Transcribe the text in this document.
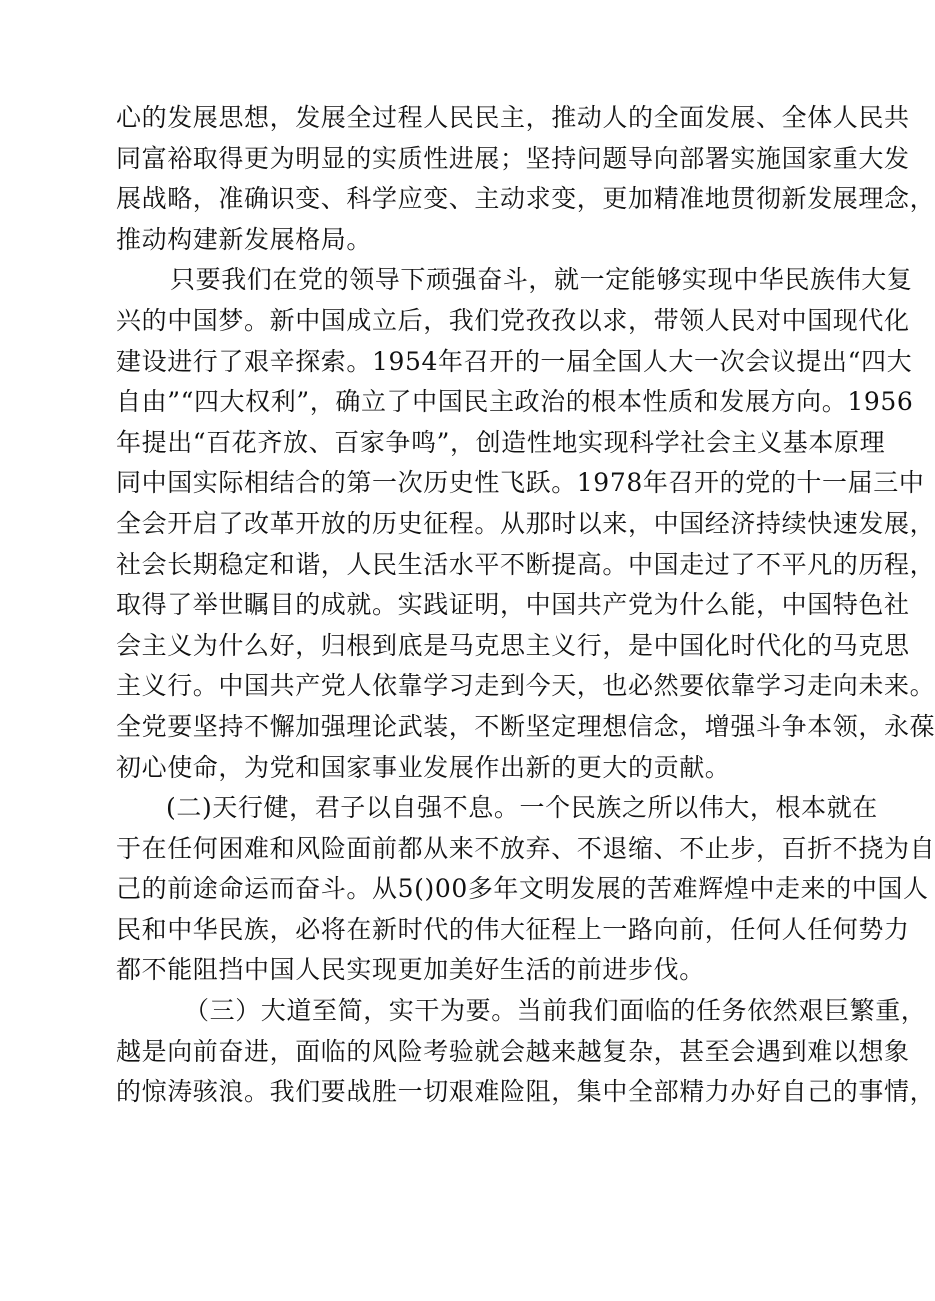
心的发展思想，发展全过程人民民主，推动人的全面发展、全体人民共
同富裕取得更为明显的实质性进展；坚持问题导向部署实施国家重大发
展战略，准确识变、科学应变、主动求变，更加精准地贯彻新发展理念，
推动构建新发展格局。

只要我们在党的领导下顽强奋斗，就一定能够实现中华民族伟大复
兴的中国梦。新中国成立后，我们党孜孜以求，带领人民对中国现代化
建设进行了艰辛探索。1954年召开的一届全国人大一次会议提出“四大
自由”“四大权利”，确立了中国民主政治的根本性质和发展方向。1956
年提出“百花齐放、百家争鸣”，创造性地实现科学社会主义基本原理
同中国实际相结合的第一次历史性飞跃。1978年召开的党的十一届三中
全会开启了改革开放的历史征程。从那时以来，中国经济持续快速发展，
社会长期稳定和谐，人民生活水平不断提高。中国走过了不平凡的历程，
取得了举世瞩目的成就。实践证明，中国共产党为什么能，中国特色社
会主义为什么好，归根到底是马克思主义行，是中国化时代化的马克思
主义行。中国共产党人依靠学习走到今天，也必然要依靠学习走向未来。
全党要坚持不懈加强理论武装，不断坚定理想信念，增强斗争本领，永葆
初心使命，为党和国家事业发展作出新的更大的贡献。

(二)天行健，君子以自强不息。一个民族之所以伟大，根本就在
于在任何困难和风险面前都从来不放弃、不退缩、不止步，百折不挠为自
己的前途命运而奋斗。从5()00多年文明发展的苦难辉煌中走来的中国人
民和中华民族，必将在新时代的伟大征程上一路向前，任何人任何势力
都不能阻挡中国人民实现更加美好生活的前进步伐。

（三）大道至简，实干为要。当前我们面临的任务依然艰巨繁重，
越是向前奋进，面临的风险考验就会越来越复杂，甚至会遇到难以想象
的惊涛骇浪。我们要战胜一切艰难险阻，集中全部精力办好自己的事情，
